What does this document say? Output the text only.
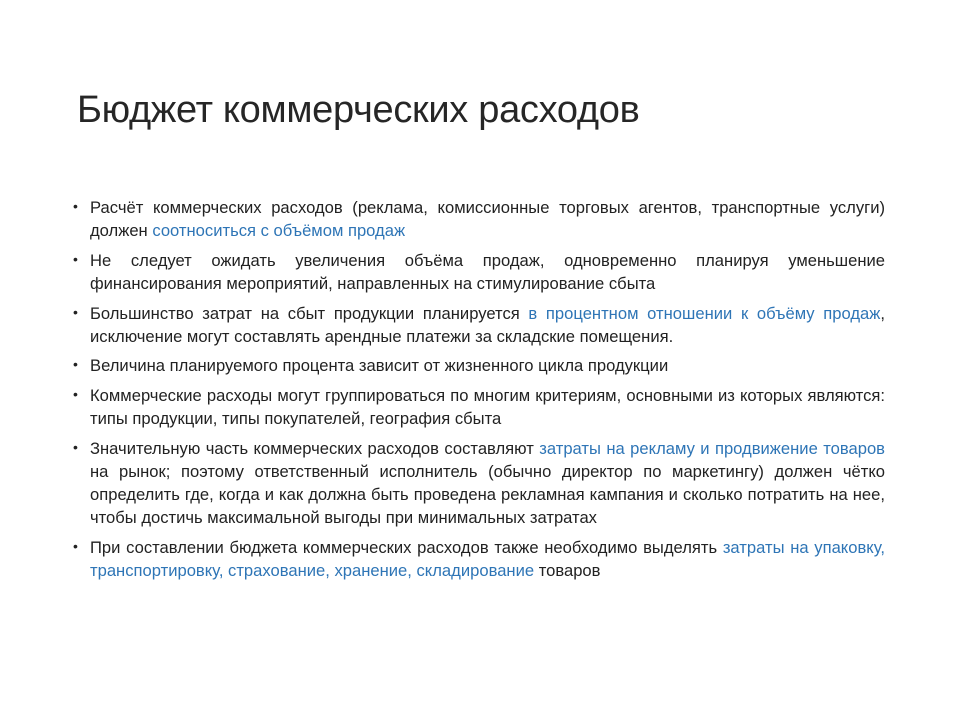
Бюджет коммерческих расходов
• Расчёт коммерческих расходов (реклама, комиссионные торговых агентов, транспортные услуги) должен соотноситься с объёмом продаж
• Не следует ожидать увеличения объёма продаж, одновременно планируя уменьшение финансирования мероприятий, направленных на стимулирование сбыта
• Большинство затрат на сбыт продукции планируется в процентном отношении к объёму продаж, исключение могут составлять арендные платежи за складские помещения.
• Величина планируемого процента зависит от жизненного цикла продукции
• Коммерческие расходы могут группироваться по многим критериям, основными из которых являются: типы продукции, типы покупателей, география сбыта
• Значительную часть коммерческих расходов составляют затраты на рекламу и продвижение товаров на рынок; поэтому ответственный исполнитель (обычно директор по маркетингу) должен чётко определить где, когда и как должна быть проведена рекламная кампания и сколько потратить на нее, чтобы достичь максимальной выгоды при минимальных затратах
• При составлении бюджета коммерческих расходов также необходимо выделять затраты на упаковку, транспортировку, страхование, хранение, складирование товаров
